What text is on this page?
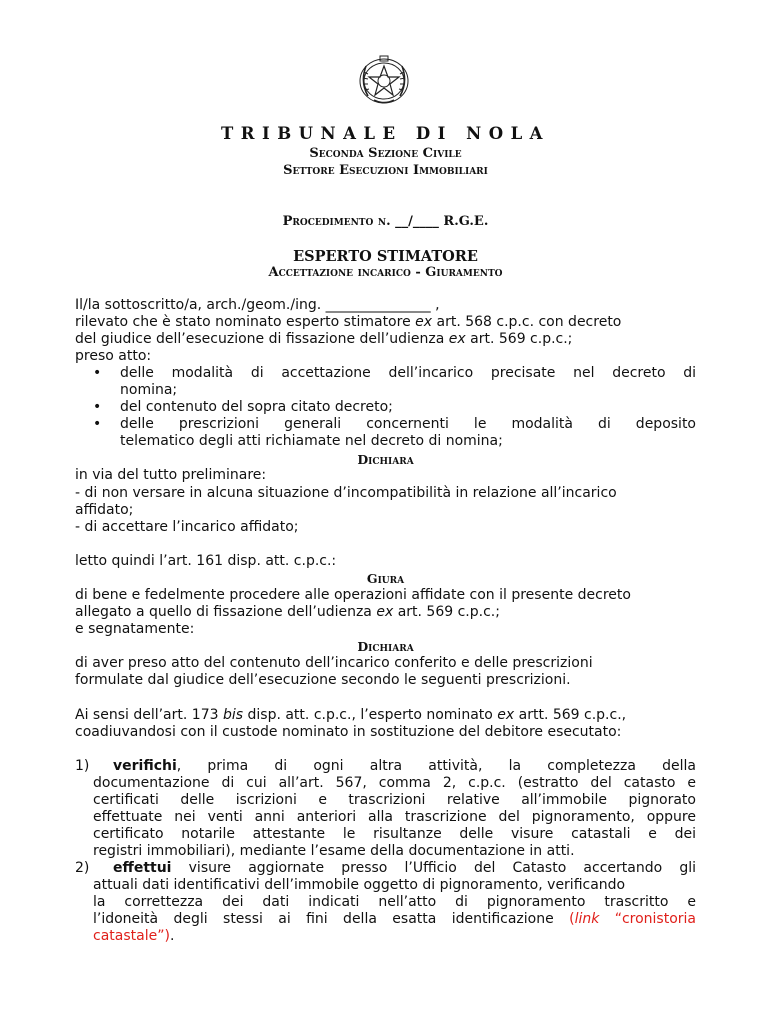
TRIBUNALE DI NOLA
Seconda Sezione Civile
Settore Esecuzioni Immobiliari
Procedimento n. __/____ R.G.E.
ESPERTO STIMATORE
Accettazione incarico - Giuramento
Il/la sottoscritto/a, arch./geom./ing. _______________ ,
rilevato che è stato nominato esperto stimatore ex art. 568 c.p.c. con decreto
del giudice dell’esecuzione di fissazione dell’udienza ex art. 569 c.p.c.;
preso atto:
• delle modalità di accettazione dell’incarico precisate nel decreto di
nomina;
• del contenuto del sopra citato decreto;
• delle prescrizioni generali concernenti le modalità di deposito
telematico degli atti richiamate nel decreto di nomina;
Dichiara
in via del tutto preliminare:
- di non versare in alcuna situazione d’incompatibilità in relazione all’incarico
affidato;
- di accettare l’incarico affidato;
letto quindi l’art. 161 disp. att. c.p.c.:
Giura
di bene e fedelmente procedere alle operazioni affidate con il presente decreto
allegato a quello di fissazione dell’udienza ex art. 569 c.p.c.;
e segnatamente:
Dichiara
di aver preso atto del contenuto dell’incarico conferito e delle prescrizioni
formulate dal giudice dell’esecuzione secondo le seguenti prescrizioni.
Ai sensi dell’art. 173 bis disp. att. c.p.c., l’esperto nominato ex artt. 569 c.p.c.,
coadiuvandosi con il custode nominato in sostituzione del debitore esecutato:
1) verifichi, prima di ogni altra attività, la completezza della
documentazione di cui all’art. 567, comma 2, c.p.c. (estratto del catasto e
certificati delle iscrizioni e trascrizioni relative all’immobile pignorato
effettuate nei venti anni anteriori alla trascrizione del pignoramento, oppure
certificato notarile attestante le risultanze delle visure catastali e dei
registri immobiliari), mediante l’esame della documentazione in atti.
2) effettui visure aggiornate presso l’Ufficio del Catasto accertando gli
attuali dati identificativi dell’immobile oggetto di pignoramento, verificando
la correttezza dei dati indicati nell’atto di pignoramento trascritto e
l’idoneità degli stessi ai fini della esatta identificazione (link “cronistoria
catastale”).
